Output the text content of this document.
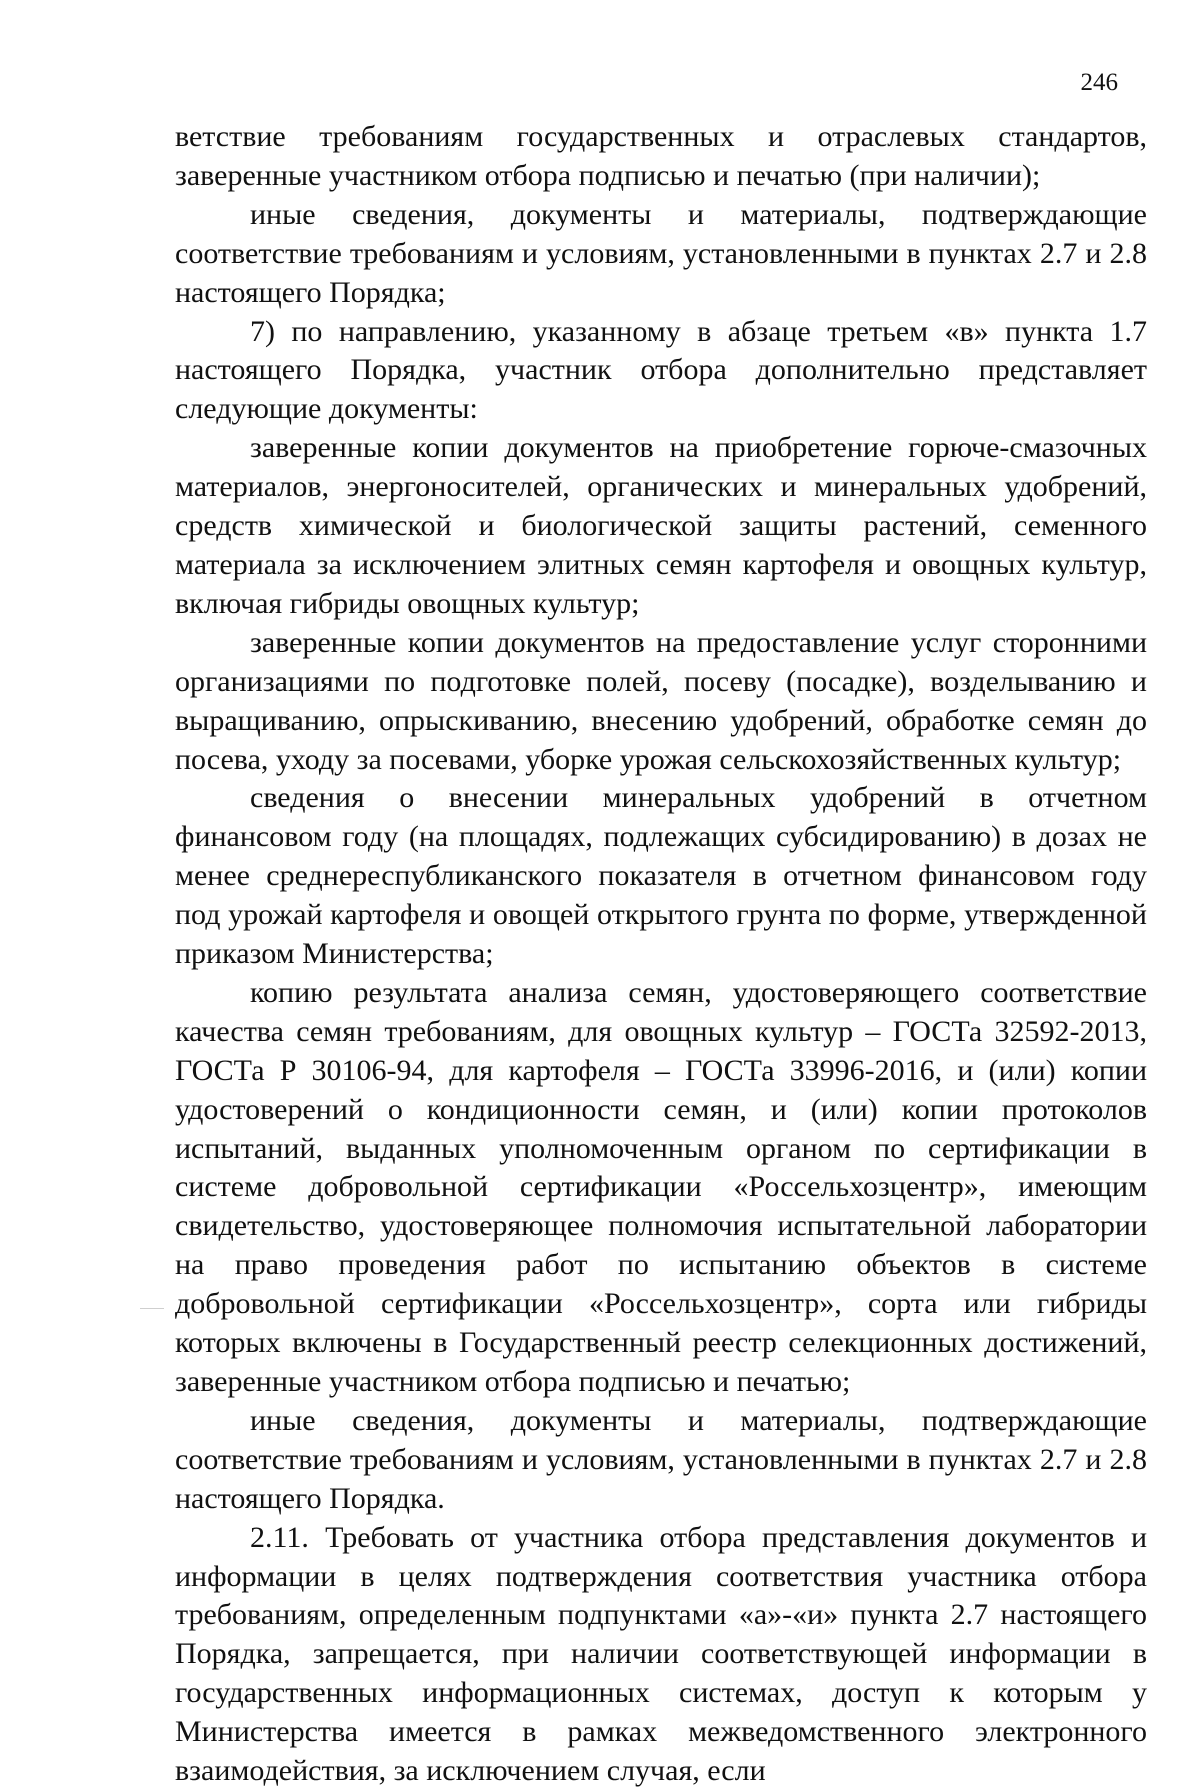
246

ветствие требованиям государственных и отраслевых стандартов, заверенные участником отбора подписью и печатью (при наличии);

иные сведения, документы и материалы, подтверждающие соответствие требованиям и условиям, установленными в пунктах 2.7 и 2.8 настоящего Порядка;

7) по направлению, указанному в абзаце третьем «в» пункта 1.7 настоящего Порядка, участник отбора дополнительно представляет следующие документы:

заверенные копии документов на приобретение горюче-смазочных материалов, энергоносителей, органических и минеральных удобрений, средств химической и биологической защиты растений, семенного материала за исключением элитных семян картофеля и овощных культур, включая гибриды овощных культур;

заверенные копии документов на предоставление услуг сторонними организациями по подготовке полей, посеву (посадке), возделыванию и выращиванию, опрыскиванию, внесению удобрений, обработке семян до посева, уходу за посевами, уборке урожая сельскохозяйственных культур;

сведения о внесении минеральных удобрений в отчетном финансовом году (на площадях, подлежащих субсидированию) в дозах не менее среднереспубликанского показателя в отчетном финансовом году под урожай картофеля и овощей открытого грунта по форме, утвержденной приказом Министерства;

копию результата анализа семян, удостоверяющего соответствие качества семян требованиям, для овощных культур – ГОСТа 32592-2013, ГОСТа Р 30106-94, для картофеля – ГОСТа 33996-2016, и (или) копии удостоверений о кондиционности семян, и (или) копии протоколов испытаний, выданных уполномоченным органом по сертификации в системе добровольной сертификации «Россельхозцентр», имеющим свидетельство, удостоверяющее полномочия испытательной лаборатории на право проведения работ по испытанию объектов в системе добровольной сертификации «Россельхозцентр», сорта или гибриды которых включены в Государственный реестр селекционных достижений, заверенные участником отбора подписью и печатью;

иные сведения, документы и материалы, подтверждающие соответствие требованиям и условиям, установленными в пунктах 2.7 и 2.8 настоящего Порядка.

2.11. Требовать от участника отбора представления документов и информации в целях подтверждения соответствия участника отбора требованиям, определенным подпунктами «а»-«и» пункта 2.7 настоящего Порядка, запрещается, при наличии соответствующей информации в государственных информационных системах, доступ к которым у Министерства имеется в рамках межведомственного электронного взаимодействия, за исключением случая, если
